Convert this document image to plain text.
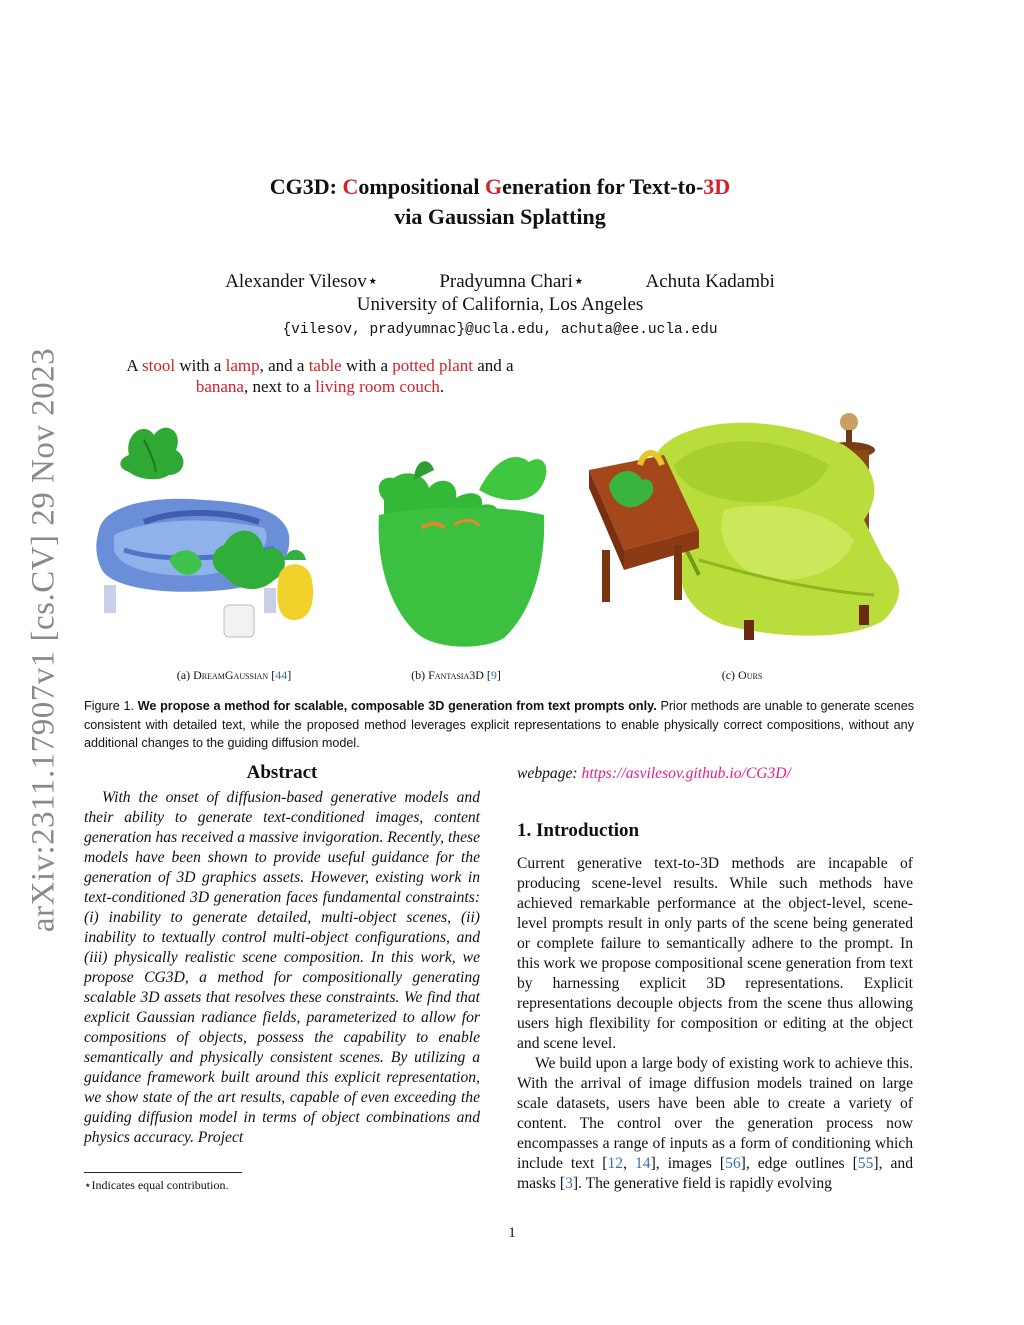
arXiv:2311.17907v1 [cs.CV] 29 Nov 2023
CG3D: Compositional Generation for Text-to-3D
via Gaussian Splatting
Alexander Vilesov⋆	Pradyumna Chari⋆	Achuta Kadambi
University of California, Los Angeles
{vilesov, pradyumnac}@ucla.edu, achuta@ee.ucla.edu
A stool with a lamp, and a table with a potted plant and a banana, next to a living room couch.
(a) DreamGaussian [44]	(b) Fantasia3D [9]	(c) Ours
Figure 1. We propose a method for scalable, composable 3D generation from text prompts only. Prior methods are unable to generate scenes consistent with detailed text, while the proposed method leverages explicit representations to enable physically correct compositions, without any additional changes to the guiding diffusion model.
Abstract
With the onset of diffusion-based generative models and their ability to generate text-conditioned images, content generation has received a massive invigoration. Recently, these models have been shown to provide useful guidance for the generation of 3D graphics assets. However, existing work in text-conditioned 3D generation faces fundamental constraints: (i) inability to generate detailed, multi-object scenes, (ii) inability to textually control multi-object configurations, and (iii) physically realistic scene composition. In this work, we propose CG3D, a method for compositionally generating scalable 3D assets that resolves these constraints. We find that explicit Gaussian radiance fields, parameterized to allow for compositions of objects, possess the capability to enable semantically and physically consistent scenes. By utilizing a guidance framework built around this explicit representation, we show state of the art results, capable of even exceeding the guiding diffusion model in terms of object combinations and physics accuracy. Project
webpage: https://asvilesov.github.io/CG3D/
1. Introduction

Current generative text-to-3D methods are incapable of producing scene-level results. While such methods have achieved remarkable performance at the object-level, scene-level prompts result in only parts of the scene being generated or complete failure to semantically adhere to the prompt. In this work we propose compositional scene generation from text by harnessing explicit 3D representations. Explicit representations decouple objects from the scene thus allowing users high flexibility for composition or editing at the object and scene level.

We build upon a large body of existing work to achieve this. With the arrival of image diffusion models trained on large scale datasets, users have been able to create a variety of content. The control over the generation process now encompasses a range of inputs as a form of conditioning which include text [12, 14], images [56], edge outlines [55], and masks [3]. The generative field is rapidly evolving

⋆Indicates equal contribution.
1
